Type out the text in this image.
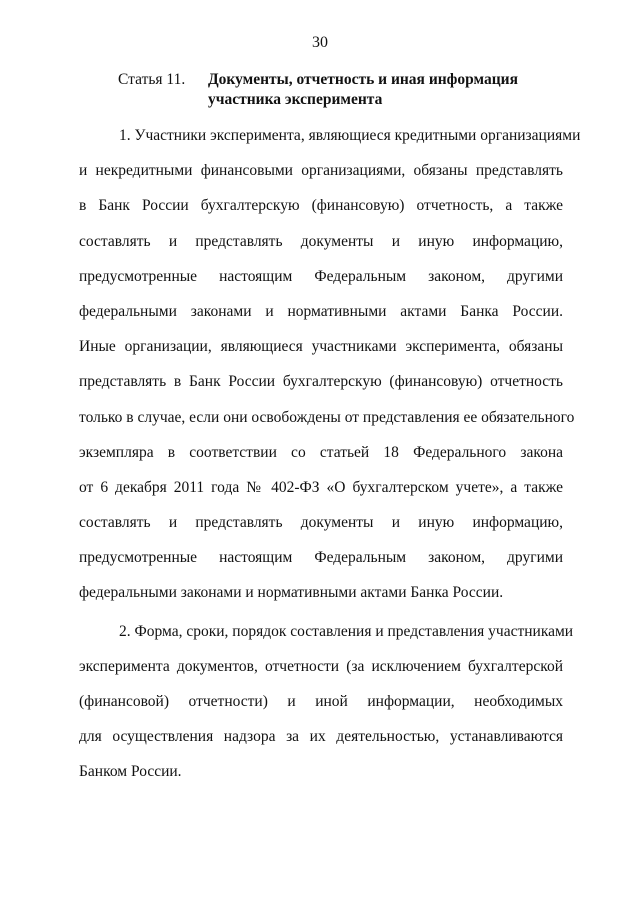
30
Статья 11. Документы, отчетность и иная информация
участника эксперимента
1. Участники эксперимента, являющиеся кредитными организациями
и некредитными финансовыми организациями, обязаны представлять
в Банк России бухгалтерскую (финансовую) отчетность, а также
составлять и представлять документы и иную информацию,
предусмотренные настоящим Федеральным законом, другими
федеральными законами и нормативными актами Банка России.
Иные организации, являющиеся участниками эксперимента, обязаны
представлять в Банк России бухгалтерскую (финансовую) отчетность
только в случае, если они освобождены от представления ее обязательного
экземпляра в соответствии со статьей 18 Федерального закона
от 6 декабря 2011 года № 402-ФЗ «О бухгалтерском учете», а также
составлять и представлять документы и иную информацию,
предусмотренные настоящим Федеральным законом, другими
федеральными законами и нормативными актами Банка России.
2. Форма, сроки, порядок составления и представления участниками
эксперимента документов, отчетности (за исключением бухгалтерской
(финансовой) отчетности) и иной информации, необходимых
для осуществления надзора за их деятельностью, устанавливаются
Банком России.
